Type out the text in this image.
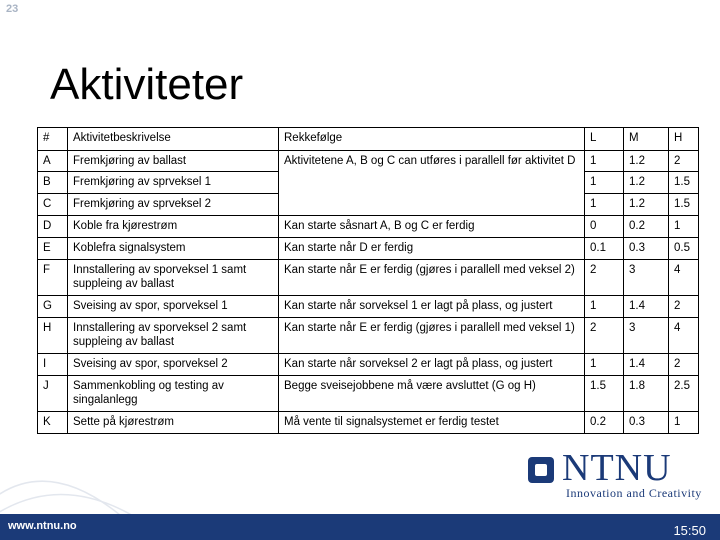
23
Aktiviteter
#	Aktivitetbeskrivelse	Rekkefølge	L	M	H
A	Fremkjøring av ballast	Aktivitetene A, B og C can utføres i parallell før aktivitet D	1	1.2	2
B	Fremkjøring av sprveksel 1		1	1.2	1.5
C	Fremkjøring av sprveksel 2		1	1.2	1.5
D	Koble fra kjørestrøm	Kan starte såsnart A, B og C er ferdig	0	0.2	1
E	Koblefra signalsystem	Kan starte når D er ferdig	0.1	0.3	0.5
F	Innstallering av sporveksel 1 samt suppleing av ballast	Kan starte når E er ferdig (gjøres i parallell med veksel 2)	2	3	4
G	Sveising av spor, sporveksel 1	Kan starte når sorveksel 1 er lagt på plass, og justert	1	1.4	2
H	Innstallering av sporveksel 2 samt suppleing av ballast	Kan starte når E er ferdig (gjøres i parallell med veksel 1)	2	3	4
I	Sveising av spor, sporveksel 2	Kan starte når sorveksel 2 er lagt på plass, og justert	1	1.4	2
J	Sammenkobling og testing av singalanlegg	Begge sveisejobbene må være avsluttet (G og H)	1.5	1.8	2.5
K	Sette på kjørestrøm	Må vente til signalsystemet er ferdig testet	0.2	0.3	1
NTNU
Innovation and Creativity
www.ntnu.no	15:50
